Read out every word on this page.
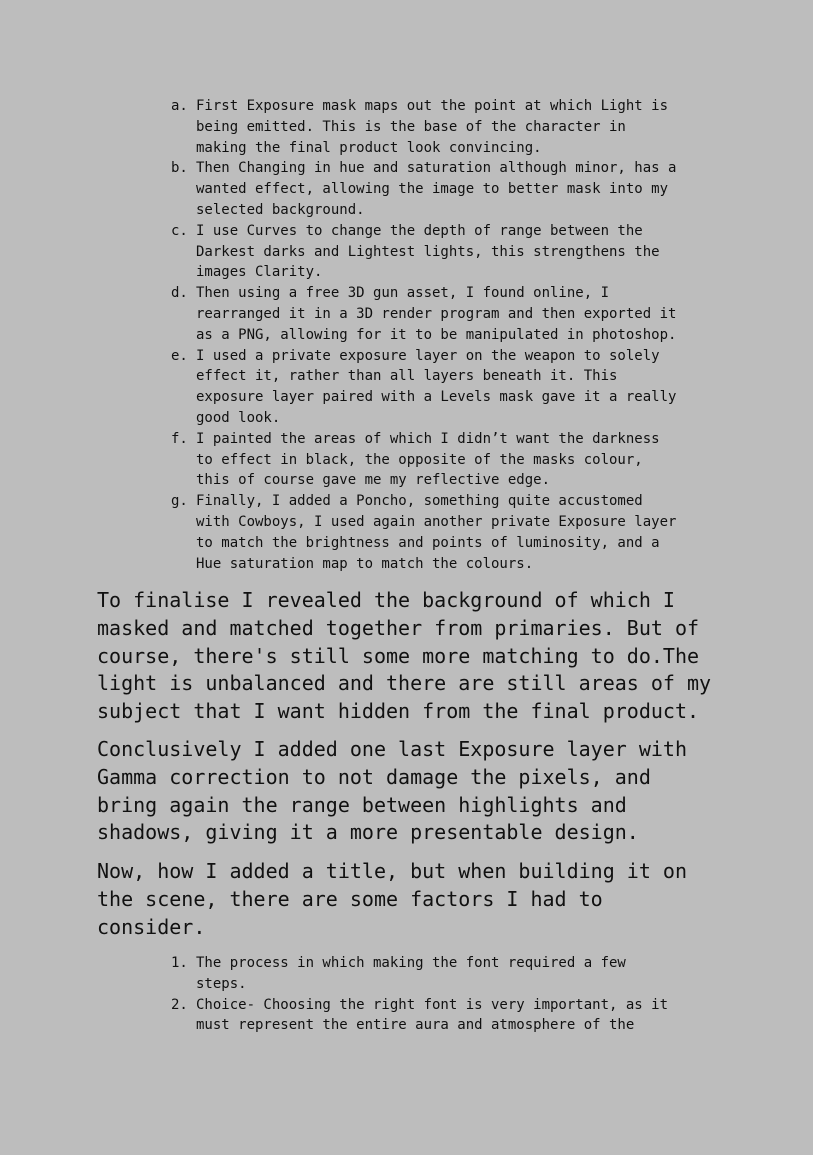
a. First Exposure mask maps out the point at which Light is
being emitted. This is the base of the character in
making the final product look convincing.
b. Then Changing in hue and saturation although minor, has a
wanted effect, allowing the image to better mask into my
selected background.
c. I use Curves to change the depth of range between the
Darkest darks and Lightest lights, this strengthens the
images Clarity.
d. Then using a free 3D gun asset, I found online, I
rearranged it in a 3D render program and then exported it
as a PNG, allowing for it to be manipulated in photoshop.
e. I used a private exposure layer on the weapon to solely
effect it, rather than all layers beneath it. This
exposure layer paired with a Levels mask gave it a really
good look.
f. I painted the areas of which I didn’t want the darkness
to effect in black, the opposite of the masks colour,
this of course gave me my reflective edge.
g. Finally, I added a Poncho, something quite accustomed
with Cowboys, I used again another private Exposure layer
to match the brightness and points of luminosity, and a
Hue saturation map to match the colours.

To finalise I revealed the background of which I
masked and matched together from primaries. But of
course, there's still some more matching to do.The
light is unbalanced and there are still areas of my
subject that I want hidden from the final product.

Conclusively I added one last Exposure layer with
Gamma correction to not damage the pixels, and
bring again the range between highlights and
shadows, giving it a more presentable design.

Now, how I added a title, but when building it on
the scene, there are some factors I had to
consider.

1. The process in which making the font required a few
steps.
2. Choice- Choosing the right font is very important, as it
must represent the entire aura and atmosphere of the
